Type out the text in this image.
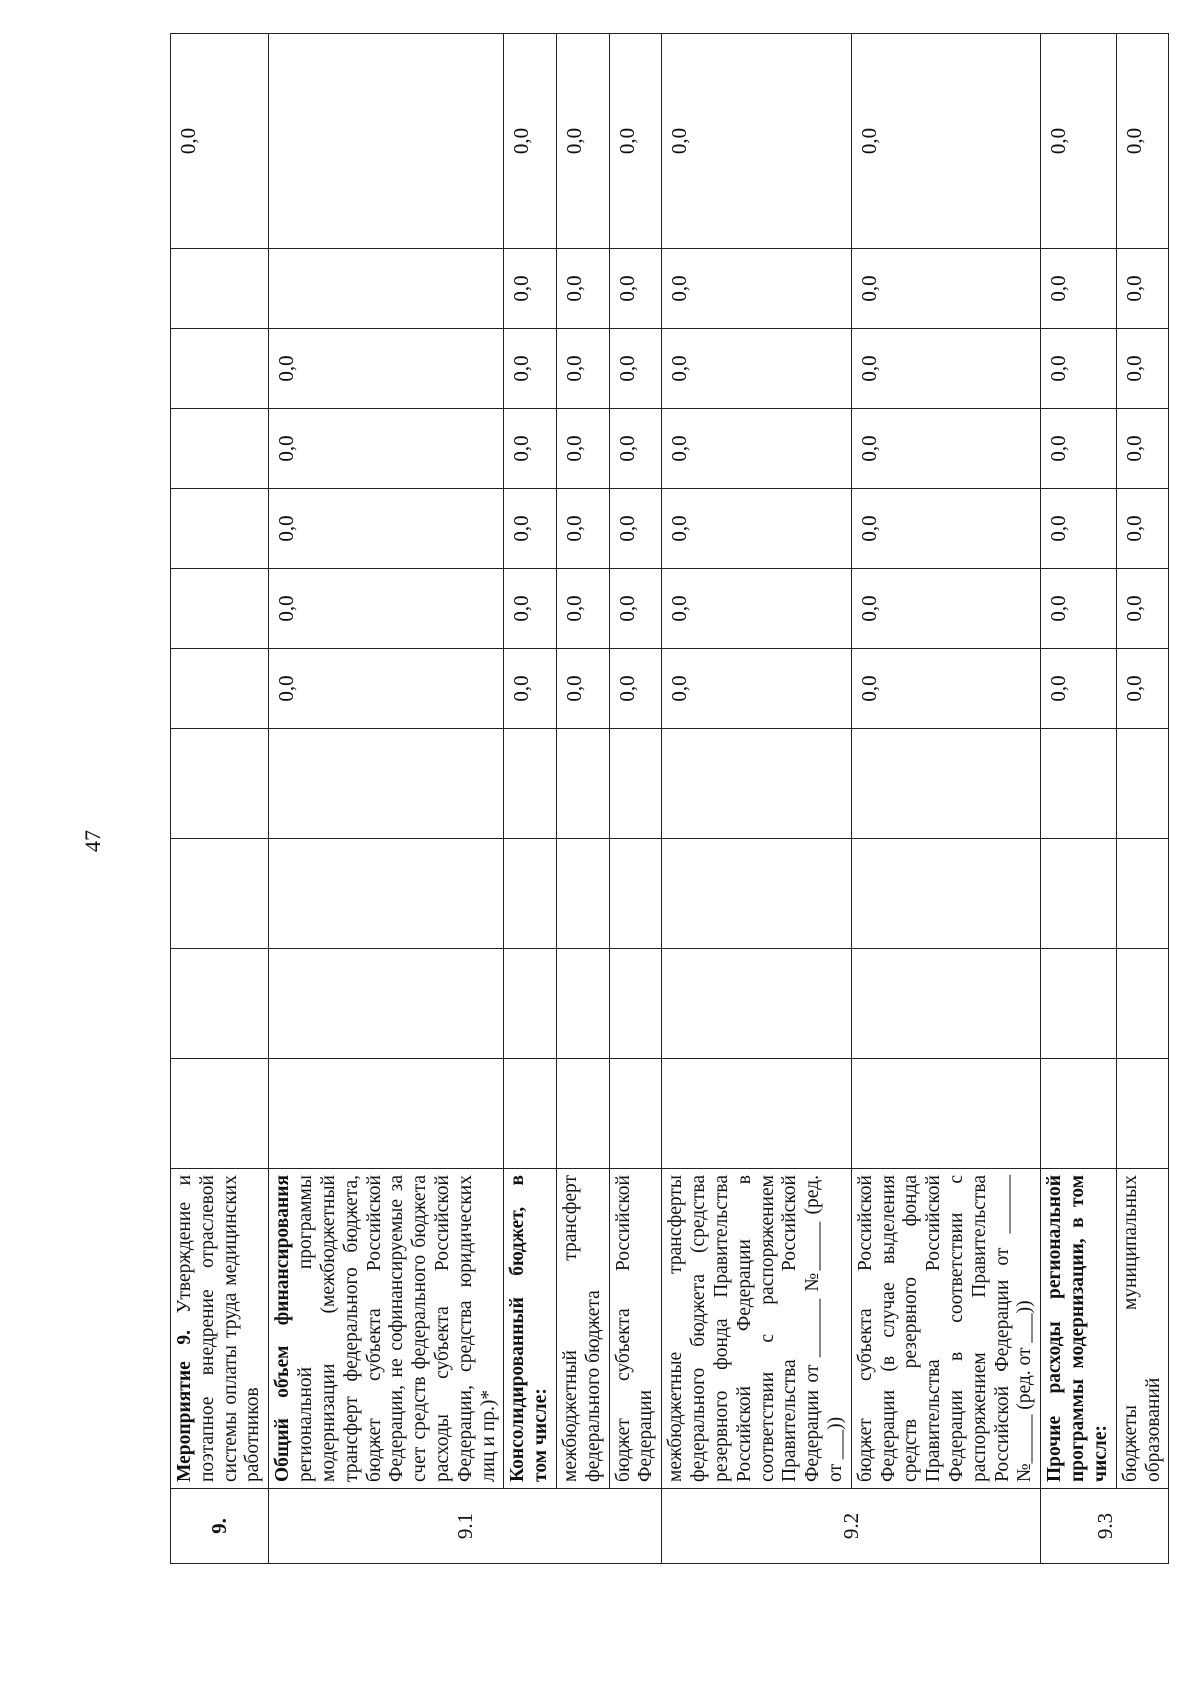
47
9.	Мероприятие 9. Утверждение и поэтапное внедрение отраслевой системы оплаты труда медицинских работников											0,0
9.1	Общий объем финансирования региональной программы модернизации (межбюджетный трансферт федерального бюджета, бюджет субъекта Российской Федерации, не софинансируемые за счет средств федерального бюджета расходы субъекта Российской Федерации, средства юридических лиц и пр.)*					0,0	0,0	0,0	0,0	0,0		
	Консолидированный бюджет, в том числе:					0,0	0,0	0,0	0,0	0,0	0,0	0,0
	межбюджетный трансферт федерального бюджета					0,0	0,0	0,0	0,0	0,0	0,0	0,0
	бюджет субъекта Российской Федерации					0,0	0,0	0,0	0,0	0,0	0,0	0,0
9.2	межбюджетные трансферты федерального бюджета (средства резервного фонда Правительства Российской Федерации в соответствии с распоряжением Правительства Российской Федерации от ______ №_____ (ред. от ___))					0,0	0,0	0,0	0,0	0,0	0,0	0,0
	бюджет субъекта Российской Федерации (в случае выделения средств резервного фонда Правительства Российской Федерации в соответствии с распоряжением Правительства Российской Федерации от ______ №_____ (ред. от ___))					0,0	0,0	0,0	0,0	0,0	0,0	0,0
9.3	Прочие расходы региональной программы модернизации, в том числе:					0,0	0,0	0,0	0,0	0,0	0,0	0,0
	бюджеты муниципальных образований					0,0	0,0	0,0	0,0	0,0	0,0	0,0
